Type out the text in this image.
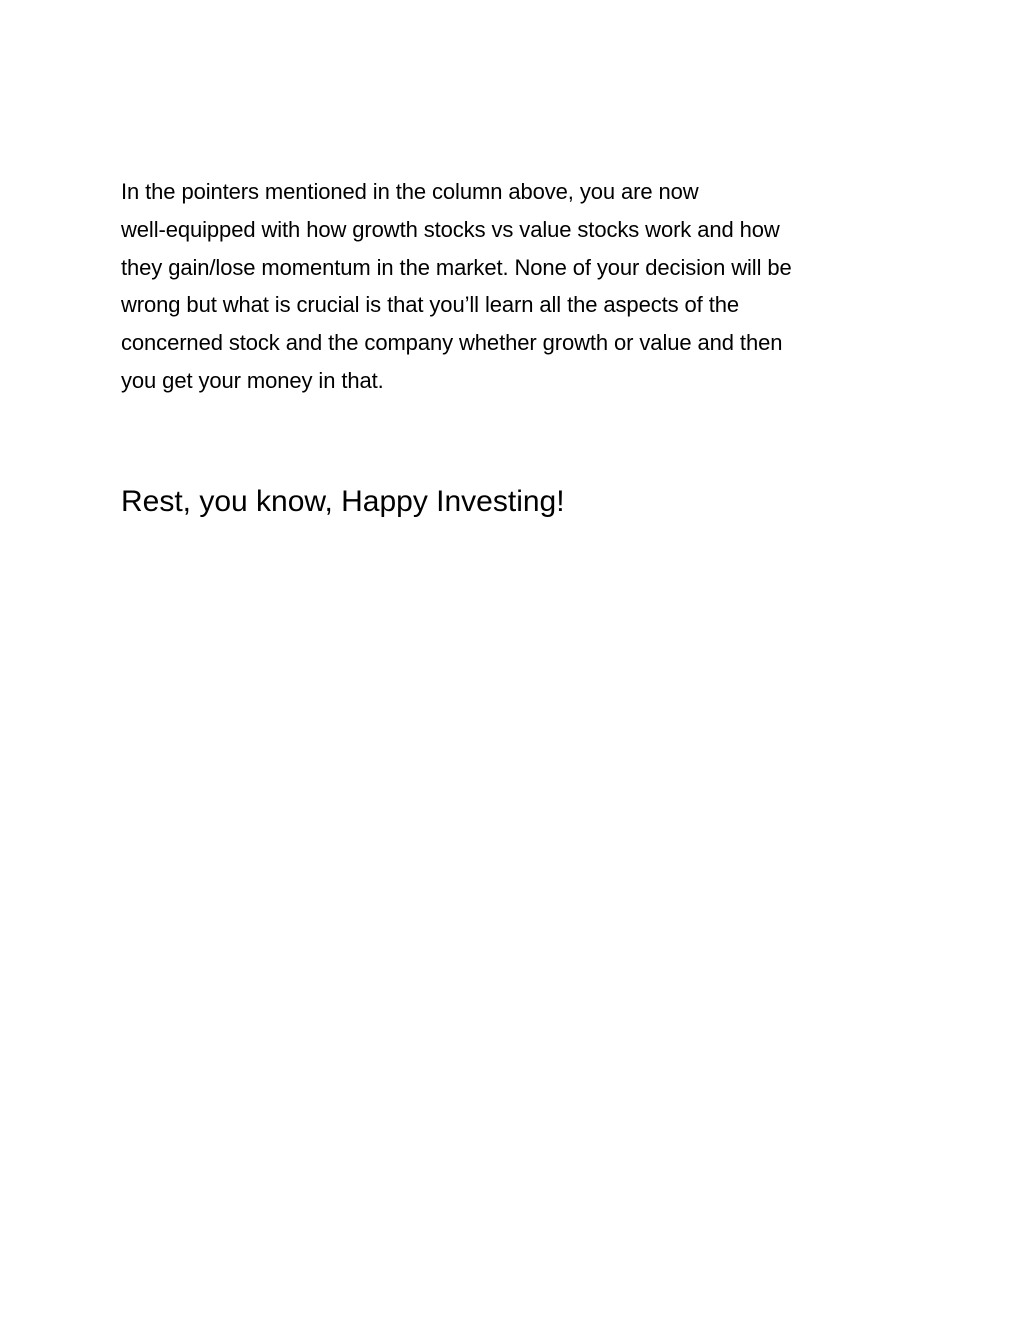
In the pointers mentioned in the column above, you are now
well-equipped with how growth stocks vs value stocks work and how
they gain/lose momentum in the market. None of your decision will be
wrong but what is crucial is that you’ll learn all the aspects of the
concerned stock and the company whether growth or value and then
you get your money in that.

Rest, you know, Happy Investing!
